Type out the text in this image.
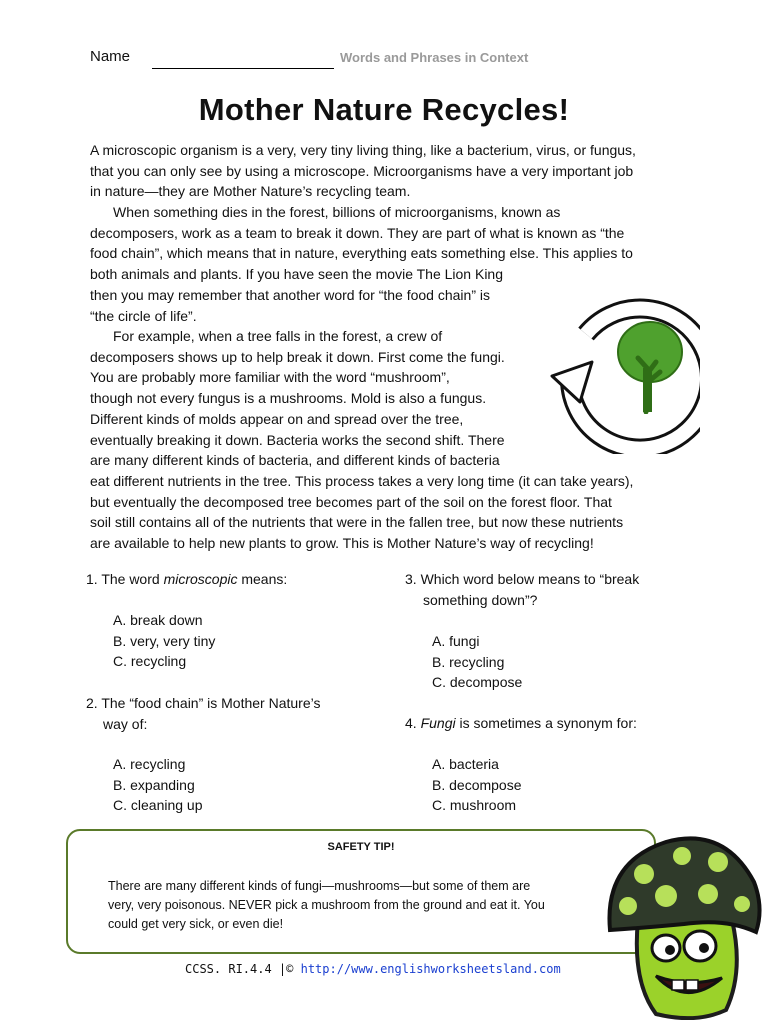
Name	Words and Phrases in Context
Mother Nature Recycles!
A microscopic organism is a very, very tiny living thing, like a bacterium, virus, or fungus,
that you can only see by using a microscope. Microorganisms have a very important job
in nature—they are Mother Nature’s recycling team.
When something dies in the forest, billions of microorganisms, known as
decomposers, work as a team to break it down. They are part of what is known as “the
food chain”, which means that in nature, everything eats something else. This applies to
both animals and plants. If you have seen the movie The Lion King
then you may remember that another word for “the food chain” is
“the circle of life”.
For example, when a tree falls in the forest, a crew of
decomposers shows up to help break it down. First come the fungi.
You are probably more familiar with the word “mushroom”,
though not every fungus is a mushrooms. Mold is also a fungus.
Different kinds of molds appear on and spread over the tree,
eventually breaking it down. Bacteria works the second shift. There
are many different kinds of bacteria, and different kinds of bacteria
eat different nutrients in the tree. This process takes a very long time (it can take years),
but eventually the decomposed tree becomes part of the soil on the forest floor. That
soil still contains all of the nutrients that were in the fallen tree, but now these nutrients
are available to help new plants to grow. This is Mother Nature’s way of recycling!
1. The word microscopic means:
A. break down
B. very, very tiny
C. recycling
2. The “food chain” is Mother Nature’s
way of:
A. recycling
B. expanding
C. cleaning up
3. Which word below means to “break
something down”?
A. fungi
B. recycling
C. decompose
4. Fungi is sometimes a synonym for:
A. bacteria
B. decompose
C. mushroom
SAFETY TIP!
There are many different kinds of fungi—mushrooms—but some of them are
very, very poisonous. NEVER pick a mushroom from the ground and eat it. You
could get very sick, or even die!
CCSS. RI.4.4 |© http://www.englishworksheetsland.com
